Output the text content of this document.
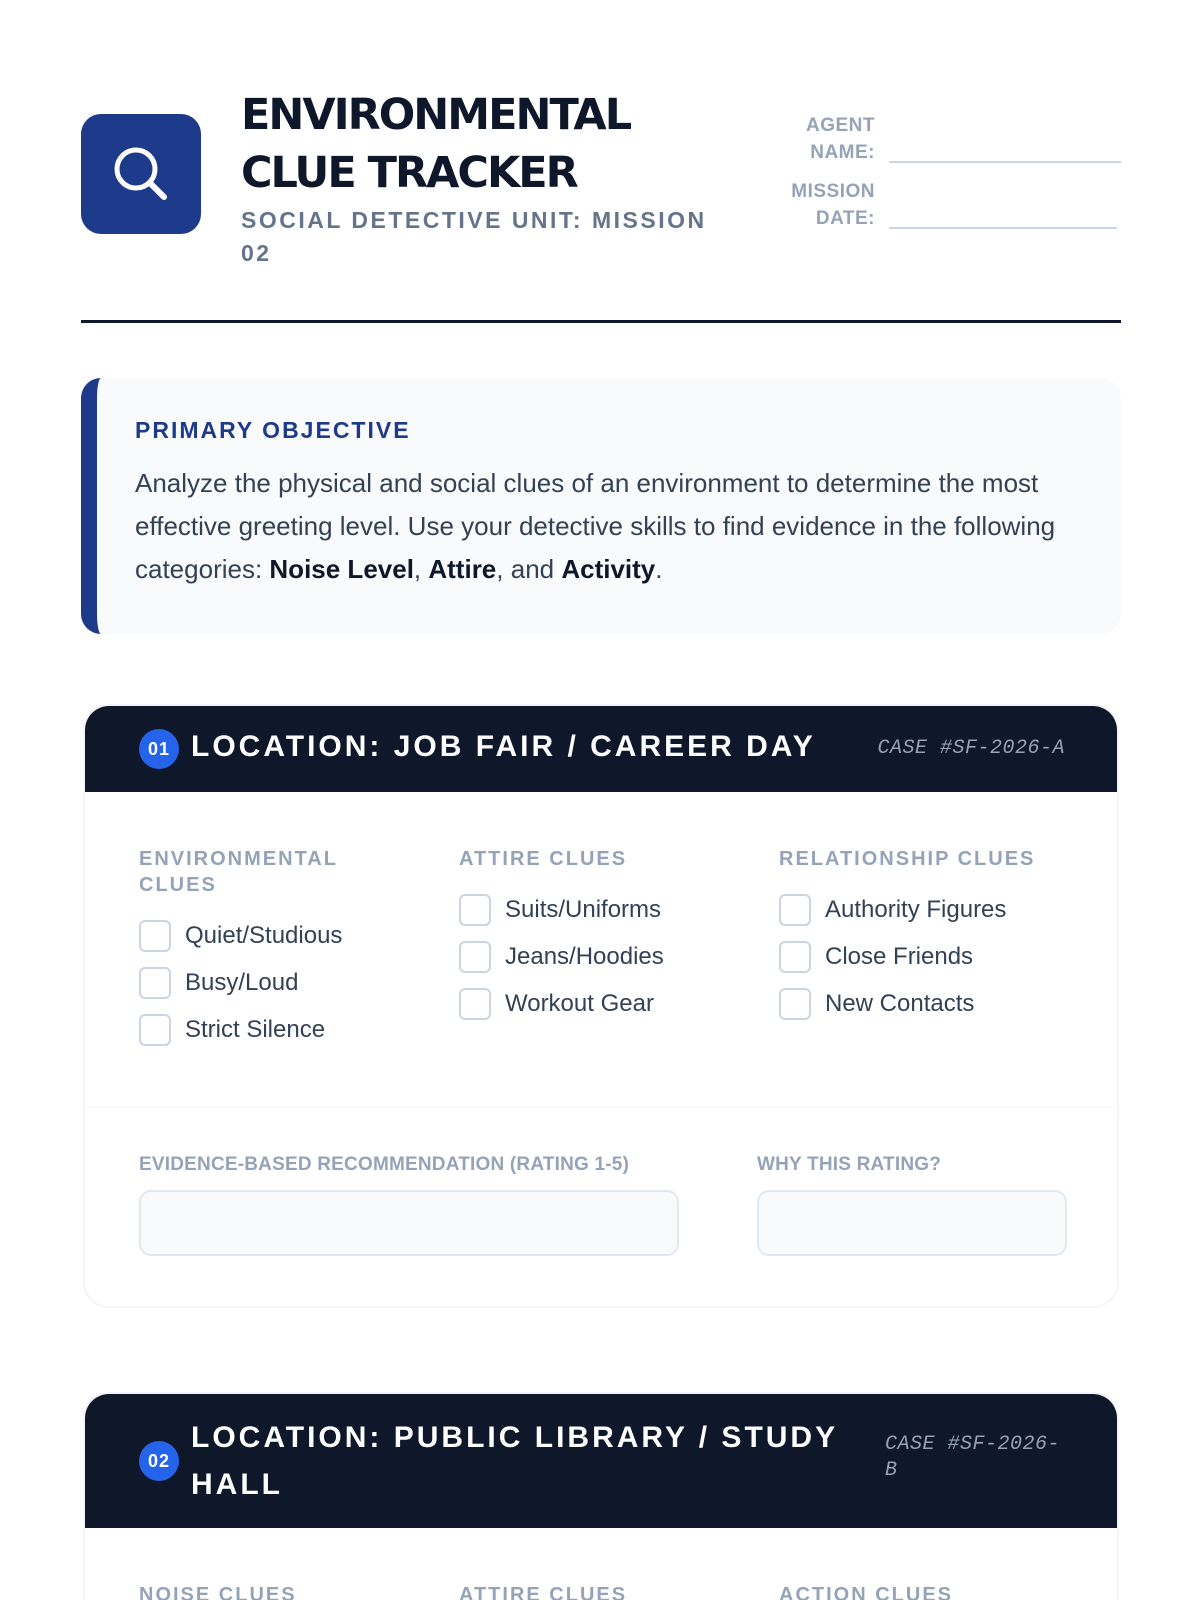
ENVIRONMENTAL CLUE TRACKER
SOCIAL DETECTIVE UNIT: MISSION 02
AGENT NAME:
MISSION DATE:
PRIMARY OBJECTIVE
Analyze the physical and social clues of an environment to determine the most effective greeting level. Use your detective skills to find evidence in the following categories: Noise Level, Attire, and Activity.
01 LOCATION: JOB FAIR / CAREER DAY	CASE #SF-2026-A
ENVIRONMENTAL CLUES
Quiet/Studious
Busy/Loud
Strict Silence
ATTIRE CLUES
Suits/Uniforms
Jeans/Hoodies
Workout Gear
RELATIONSHIP CLUES
Authority Figures
Close Friends
New Contacts
EVIDENCE-BASED RECOMMENDATION (RATING 1-5)	WHY THIS RATING?
02
LOCATION: PUBLIC LIBRARY / STUDY HALL
CASE #SF-2026-B
NOISE CLUES	ATTIRE CLUES	ACTION CLUES
